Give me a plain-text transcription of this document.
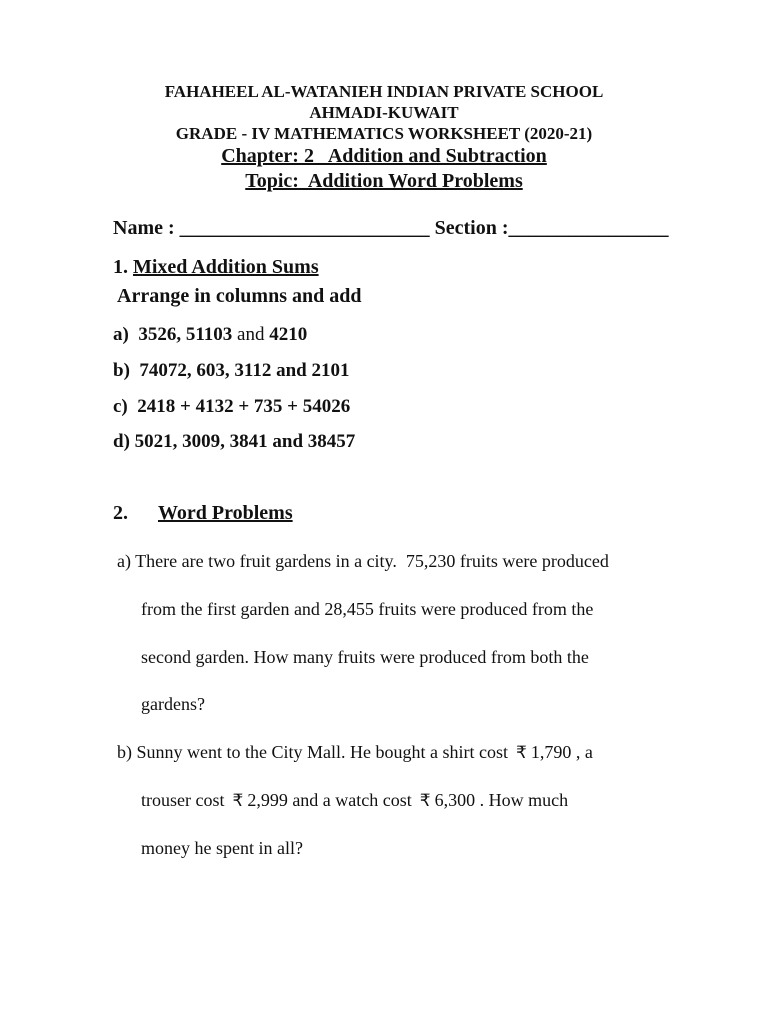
FAHAHEEL AL-WATANIEH INDIAN PRIVATE SCHOOL
AHMADI-KUWAIT
GRADE - IV MATHEMATICS WORKSHEET (2020-21)
Chapter: 2   Addition and Subtraction
Topic:  Addition Word Problems
Name : _________________________ Section :________________
1. Mixed Addition Sums
Arrange in columns and add
a)  3526, 51103 and 4210
b)  74072, 603, 3112 and 2101
c)  2418 + 4132 + 735 + 54026
d) 5021, 3009, 3841 and 38457
2. Word Problems
a) There are two fruit gardens in a city.  75,230 fruits were produced
from the first garden and 28,455 fruits were produced from the
second garden. How many fruits were produced from both the
gardens?
b) Sunny went to the City Mall. He bought a shirt cost ₹ 1,790 , a
trouser cost ₹ 2,999 and a watch cost ₹ 6,300 . How much
money he spent in all?
